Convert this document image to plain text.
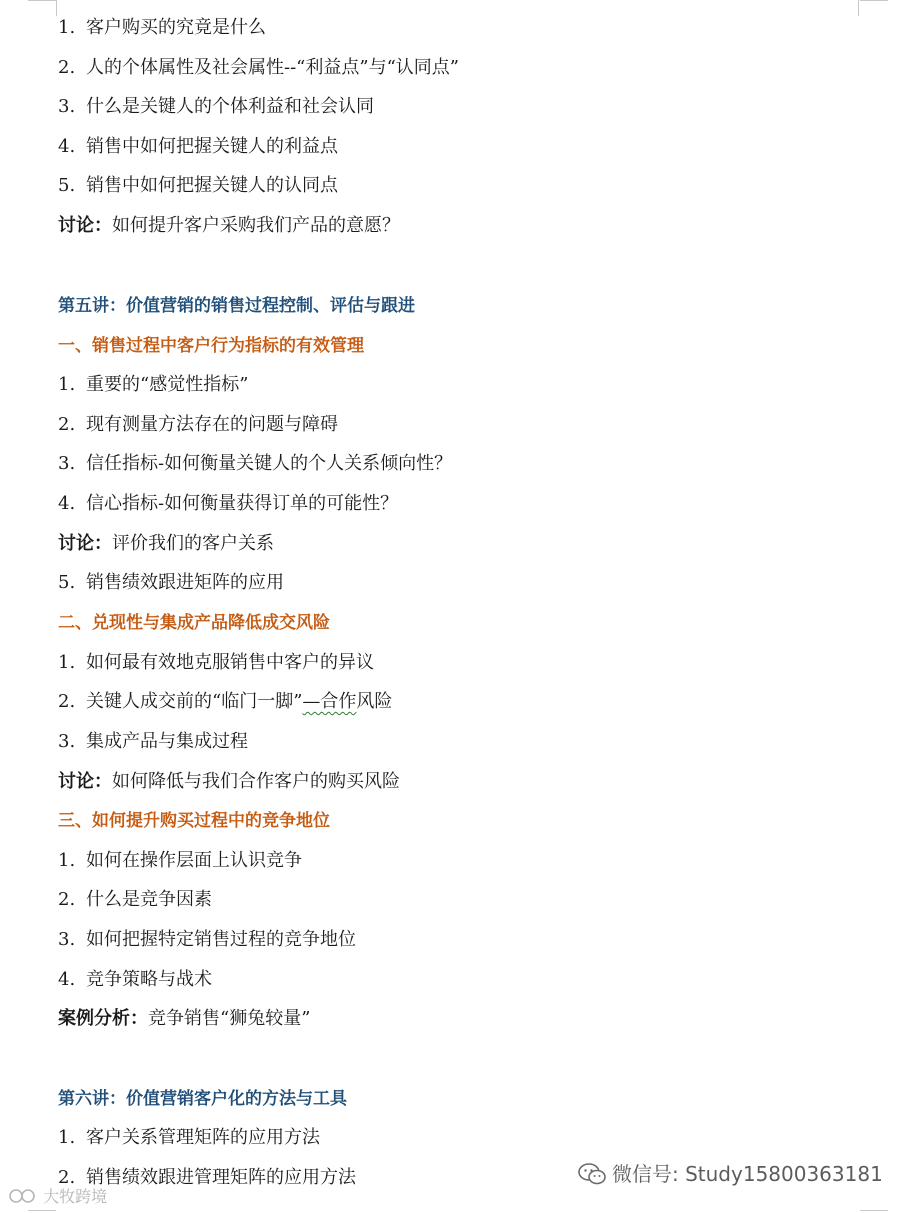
1. 客户购买的究竟是什么
2. 人的个体属性及社会属性--“利益点”与“认同点”
3. 什么是关键人的个体利益和社会认同
4. 销售中如何把握关键人的利益点
5. 销售中如何把握关键人的认同点
讨论：如何提升客户采购我们产品的意愿？
第五讲：价值营销的销售过程控制、评估与跟进
一、销售过程中客户行为指标的有效管理
1. 重要的“感觉性指标”
2. 现有测量方法存在的问题与障碍
3. 信任指标-如何衡量关键人的个人关系倾向性？
4. 信心指标-如何衡量获得订单的可能性？
讨论：评价我们的客户关系
5. 销售绩效跟进矩阵的应用
二、兑现性与集成产品降低成交风险
1. 如何最有效地克服销售中客户的异议
2. 关键人成交前的“临门一脚”—合作风险
3. 集成产品与集成过程
讨论：如何降低与我们合作客户的购买风险
三、如何提升购买过程中的竞争地位
1. 如何在操作层面上认识竞争
2. 什么是竞争因素
3. 如何把握特定销售过程的竞争地位
4. 竞争策略与战术
案例分析：竞争销售“狮兔较量”
第六讲：价值营销客户化的方法与工具
1. 客户关系管理矩阵的应用方法
2. 销售绩效跟进管理矩阵的应用方法	微信号: Study15800363181
大牧跨境
